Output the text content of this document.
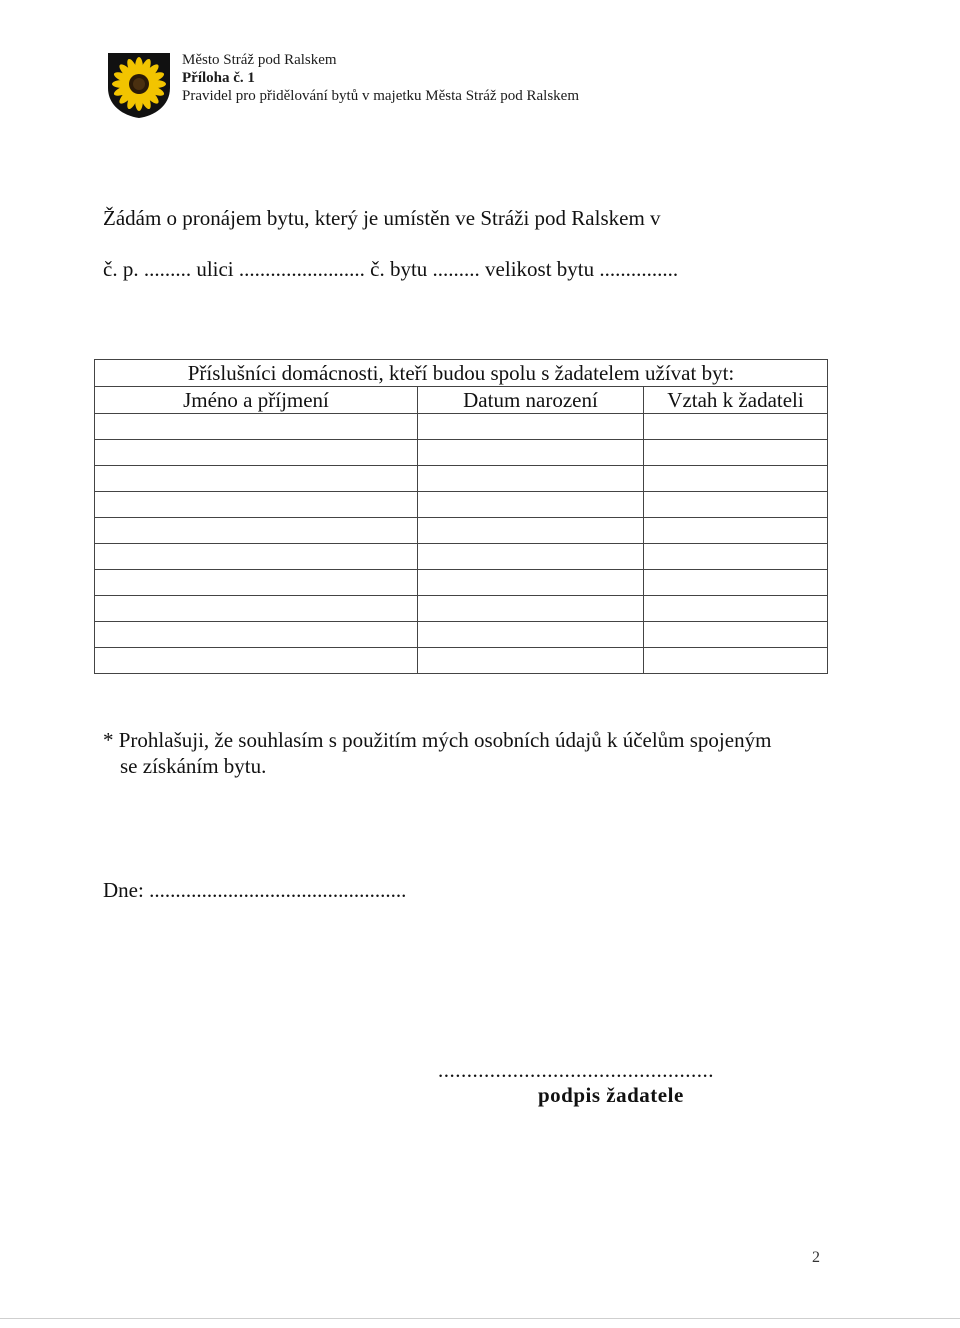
Město Stráž pod Ralskem
Příloha č. 1
Pravidel pro přidělování bytů v majetku Města Stráž pod Ralskem
Žádám o pronájem bytu, který je umístěn ve Stráži pod Ralskem v
č. p. ......... ulici ........................ č. bytu ......... velikost bytu ...............
Příslušníci domácnosti, kteří budou spolu s žadatelem užívat byt:		
Jméno a příjmení	Datum narození	Vztah k žadateli

* Prohlašuji, že souhlasím s použitím mých osobních údajů k účelům spojeným
se získáním bytu.
Dne: .................................................
................................................
podpis žadatele
2
